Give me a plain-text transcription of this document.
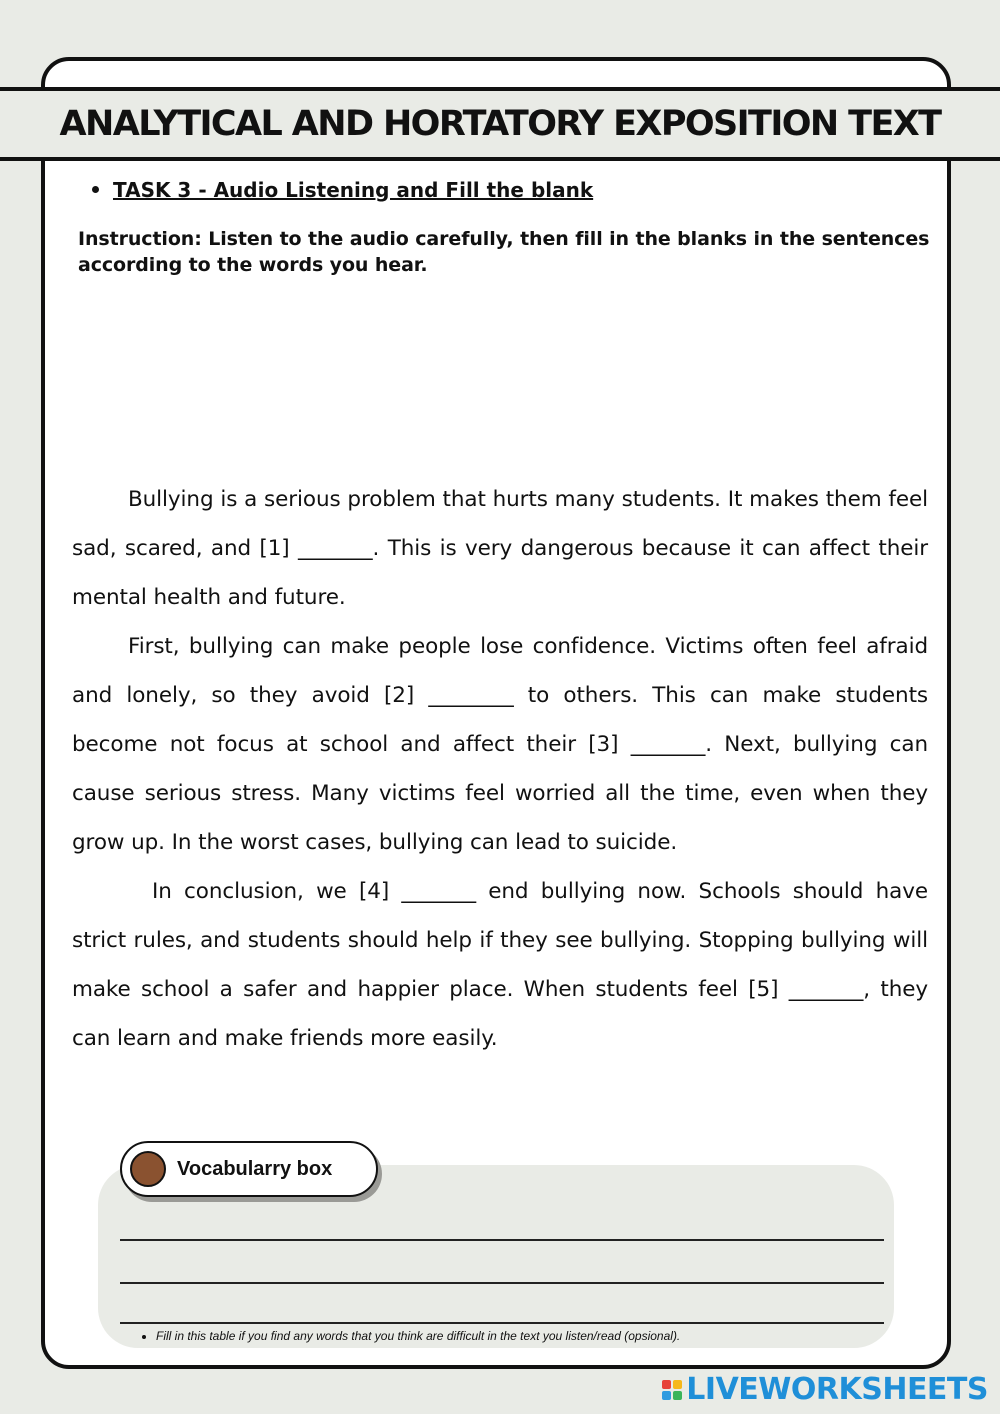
ANALYTICAL AND HORTATORY EXPOSITION TEXT
TASK 3 - Audio Listening and Fill the blank
Instruction: Listen to the audio carefully, then fill in the blanks in the sentences according to the words you hear.

Bullying is a serious problem that hurts many students. It makes them feel sad, scared, and [1] _______. This is very dangerous because it can affect their mental health and future.

First, bullying can make people lose confidence. Victims often feel afraid and lonely, so they avoid [2] ________ to others. This can make students become not focus at school and affect their [3] _______. Next, bullying can cause serious stress. Many victims feel worried all the time, even when they grow up. In the worst cases, bullying can lead to suicide.

In conclusion, we [4] _______ end bullying now. Schools should have strict rules, and students should help if they see bullying. Stopping bullying will make school a safer and happier place. When students feel [5] _______, they can learn and make friends more easily.

Vocabularry box
Fill in this table if you find any words that you think are difficult in the text you listen/read (opsional).
LIVEWORKSHEETS
